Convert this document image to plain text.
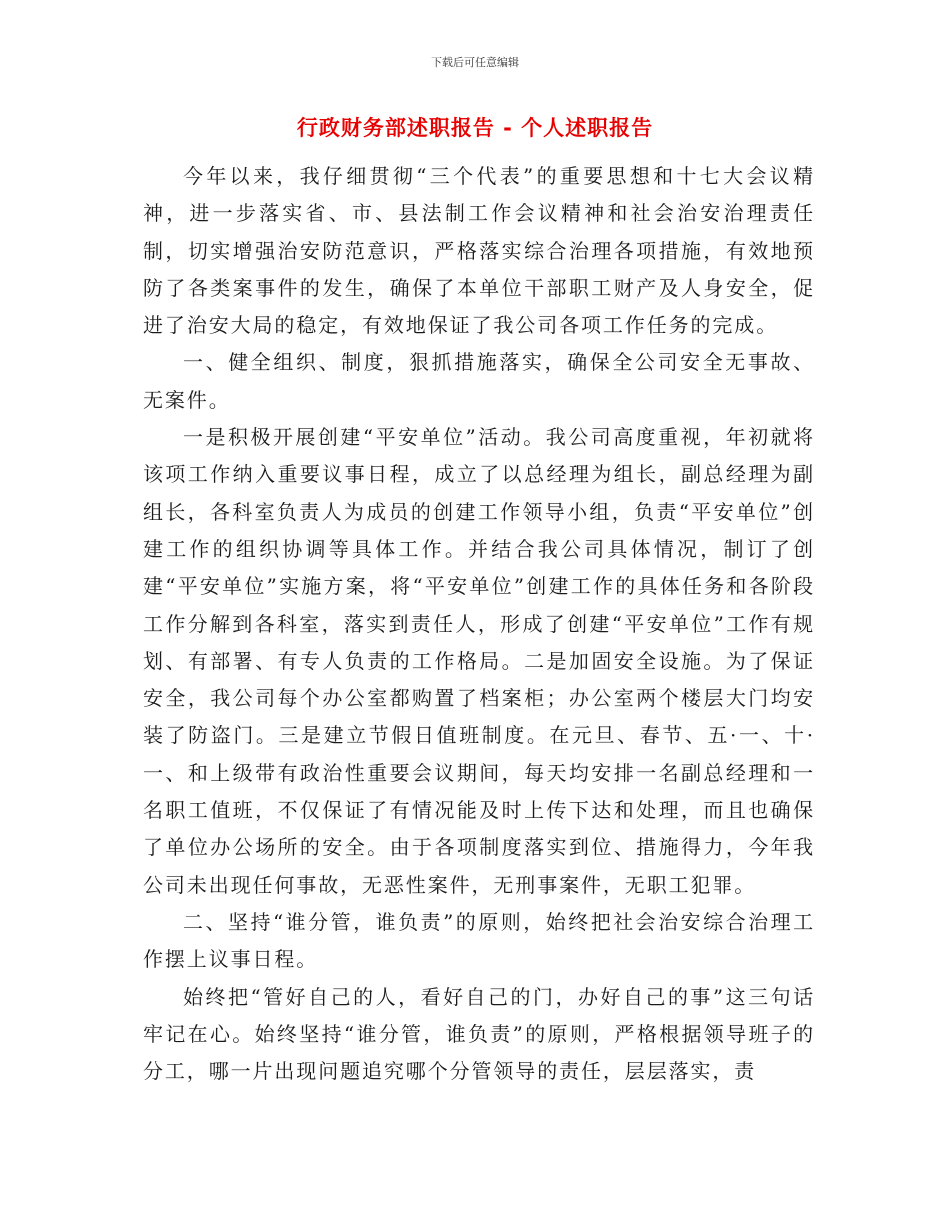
下载后可任意编辑
行政财务部述职报告 - 个人述职报告

今年以来，我仔细贯彻“三个代表”的重要思想和十七大会议精神，进一步落实省、市、县法制工作会议精神和社会治安治理责任制，切实增强治安防范意识，严格落实综合治理各项措施，有效地预防了各类案事件的发生，确保了本单位干部职工财产及人身安全，促进了治安大局的稳定，有效地保证了我公司各项工作任务的完成。

一、健全组织、制度，狠抓措施落实，确保全公司安全无事故、无案件。

一是积极开展创建“平安单位”活动。我公司高度重视，年初就将该项工作纳入重要议事日程，成立了以总经理为组长，副总经理为副组长，各科室负责人为成员的创建工作领导小组，负责“平安单位”创建工作的组织协调等具体工作。并结合我公司具体情况，制订了创建“平安单位”实施方案，将“平安单位”创建工作的具体任务和各阶段工作分解到各科室，落实到责任人，形成了创建“平安单位”工作有规划、有部署、有专人负责的工作格局。二是加固安全设施。为了保证安全，我公司每个办公室都购置了档案柜；办公室两个楼层大门均安装了防盗门。三是建立节假日值班制度。在元旦、春节、五·一、十·一、和上级带有政治性重要会议期间，每天均安排一名副总经理和一名职工值班，不仅保证了有情况能及时上传下达和处理，而且也确保了单位办公场所的安全。由于各项制度落实到位、措施得力，今年我公司未出现任何事故，无恶性案件，无刑事案件，无职工犯罪。

二、坚持“谁分管，谁负责”的原则，始终把社会治安综合治理工作摆上议事日程。

始终把“管好自己的人，看好自己的门，办好自己的事”这三句话牢记在心。始终坚持“谁分管，谁负责”的原则，严格根据领导班子的分工，哪一片出现问题追究哪个分管领导的责任，层层落实，责
